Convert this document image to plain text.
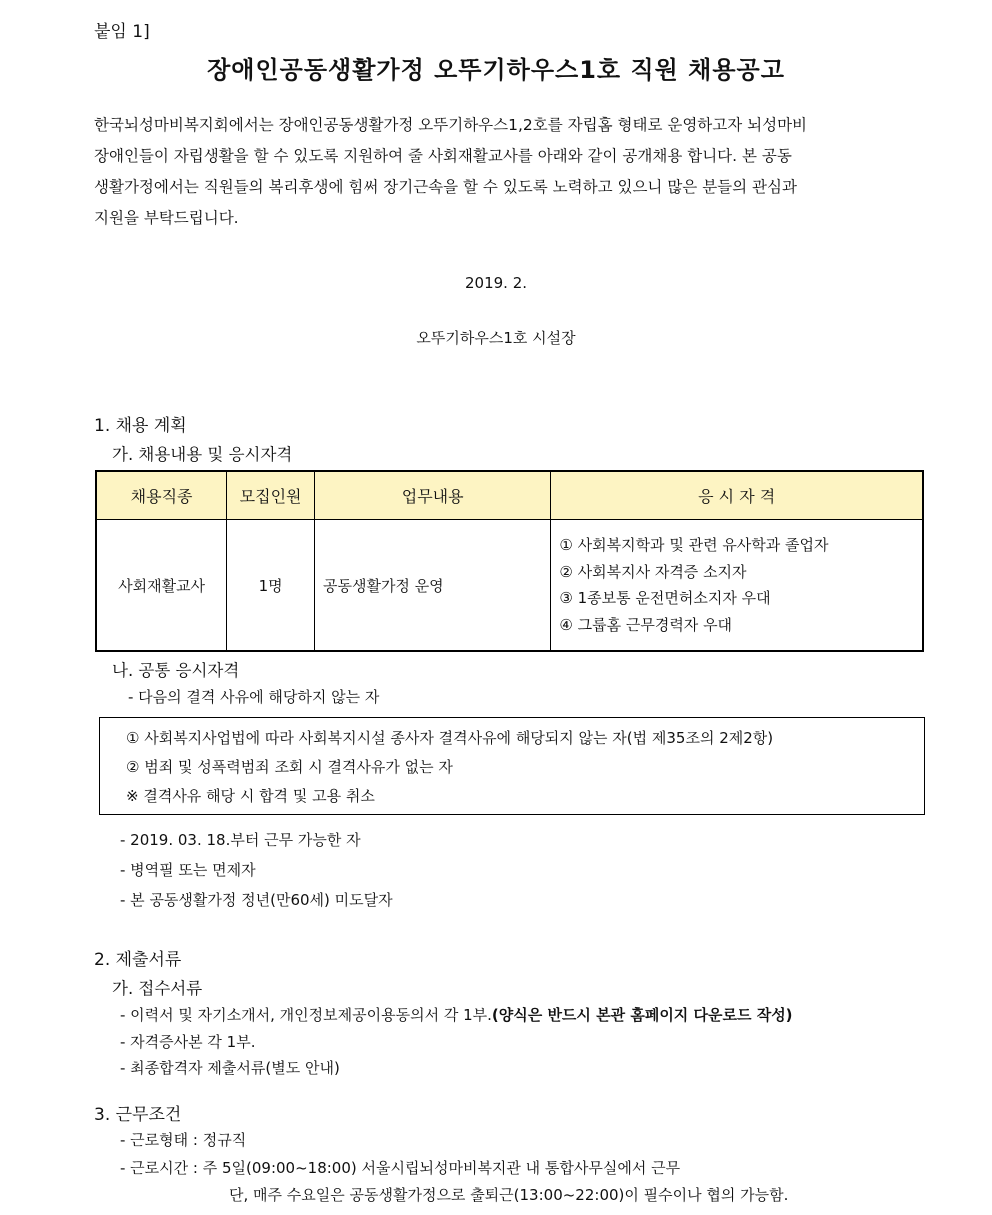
붙임 1]
장애인공동생활가정 오뚜기하우스1호 직원 채용공고

한국뇌성마비복지회에서는 장애인공동생활가정 오뚜기하우스1,2호를 자립홈 형태로 운영하고자 뇌성마비

장애인들이 자립생활을 할 수 있도록 지원하여 줄 사회재활교사를 아래와 같이 공개채용 합니다. 본 공동

생활가정에서는 직원들의 복리후생에 힘써 장기근속을 할 수 있도록 노력하고 있으니 많은 분들의 관심과

지원을 부탁드립니다.

2019. 2.
오뚜기하우스1호 시설장
1. 채용 계획
가. 채용내용 및 응시자격
채용직종	모집인원	업무내용	응 시 자 격
사회재활교사	1명	공동생활가정 운영	① 사회복지학과 및 관련 유사학과 졸업자
② 사회복지사 자격증 소지자
③ 1종보통 운전면허소지자 우대
④ 그룹홈 근무경력자 우대
나. 공통 응시자격
- 다음의 결격 사유에 해당하지 않는 자
① 사회복지사업법에 따라 사회복지시설 종사자 결격사유에 해당되지 않는 자(법 제35조의 2제2항)
② 범죄 및 성폭력범죄 조회 시 결격사유가 없는 자
※ 결격사유 해당 시 합격 및 고용 취소
- 2019. 03. 18.부터 근무 가능한 자
- 병역필 또는 면제자
- 본 공동생활가정 정년(만60세) 미도달자
2. 제출서류
가. 접수서류
- 이력서 및 자기소개서, 개인정보제공이용동의서 각 1부.(양식은 반드시 본관 홈페이지 다운로드 작성)
- 자격증사본 각 1부.
- 최종합격자 제출서류(별도 안내)
3. 근무조건
- 근로형태 : 정규직
- 근로시간 : 주 5일(09:00~18:00) 서울시립뇌성마비복지관 내 통합사무실에서 근무
단, 매주 수요일은 공동생활가정으로 출퇴근(13:00~22:00)이 필수이나 협의 가능함.
